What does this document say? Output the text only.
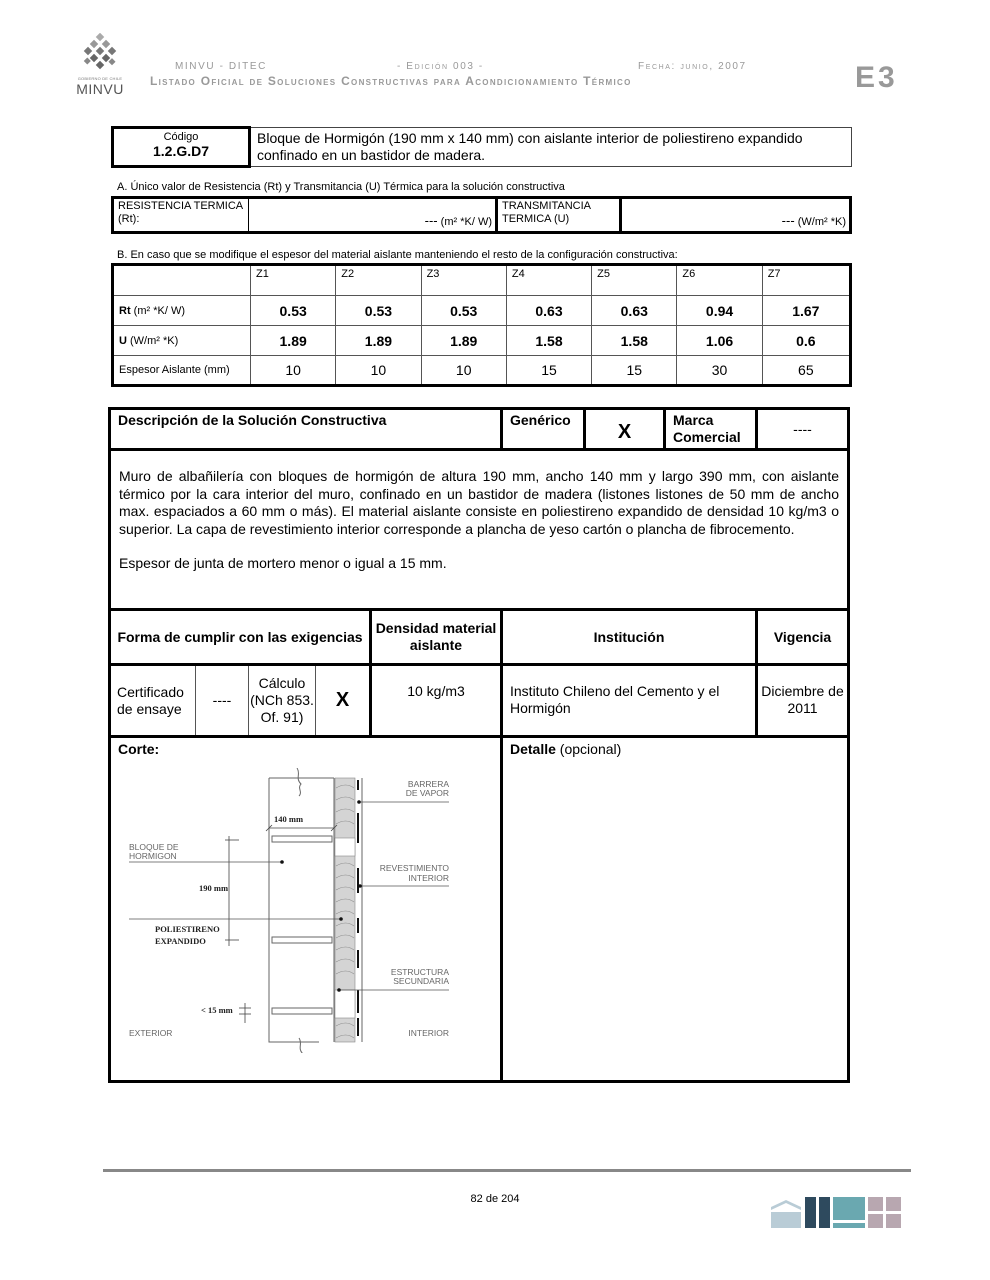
GOBIERNO DE CHILE
MINVU
MINVU - DITEC	- Edición 003 -	Fecha: junio, 2007
Listado Oficial de Soluciones Constructivas para Acondicionamiento Térmico	E3
Código
1.2.G.D7
	Bloque de Hormigón (190 mm x 140 mm) con aislante interior de poliestireno expandido confinado en un bastidor de madera.
A. Único valor de Resistencia (Rt) y Transmitancia (U) Térmica para la solución constructiva
RESISTENCIA TERMICA (Rt):	--- (m² *K/ W)
	TRANSMITANCIA TERMICA (U)	--- (W/m² *K)
B. En caso que se modifique el espesor del material aislante manteniendo el resto de la configuración constructiva:
	Z1	Z2	Z3	Z4	Z5	Z6	Z7
Rt (m² *K/ W)	0.53	0.53	0.53	0.63	0.63	0.94	1.67
U (W/m² *K)	1.89	1.89	1.89	1.58	1.58	1.06	0.6
Espesor Aislante (mm)	10	10	10	15	15	30	65
Descripción de la Solución Constructiva					Genérico	X	Marca Comercial	----

Muro de albañilería con bloques de hormigón de altura 190 mm, ancho 140 mm y largo 390 mm, con aislante térmico por la cara interior del muro, confinado en un bastidor de madera (listones listones de 50 mm de ancho max. espaciados a 60 mm o más). El material aislante consiste en poliestireno expandido de densidad 10 kg/m3 o superior. La capa de revestimiento interior corresponde a plancha de yeso cartón o plancha de fibrocemento.

Espesor de junta de mortero menor o igual a 15 mm.								

Forma de cumplir con las exigencias				Densidad material aislante	Institución			Vigencia
Certificado de ensaye	----	Cálculo (NCh 853. Of. 91)	X	10 kg/m3	Instituto Chileno del Cemento y el Hormigón			Diciembre de 2011
Corte:
BARRERA
DE VAPOR
BLOQUE DE
HORMIGON
REVESTIMIENTO
INTERIOR
ESTRUCTURA
SECUNDARIA
EXTERIOR	INTERIOR
140 mm
190 mm
POLIESTIRENO
EXPANDIDO
< 15 mm
	Detalle (opcional)
82 de 204
